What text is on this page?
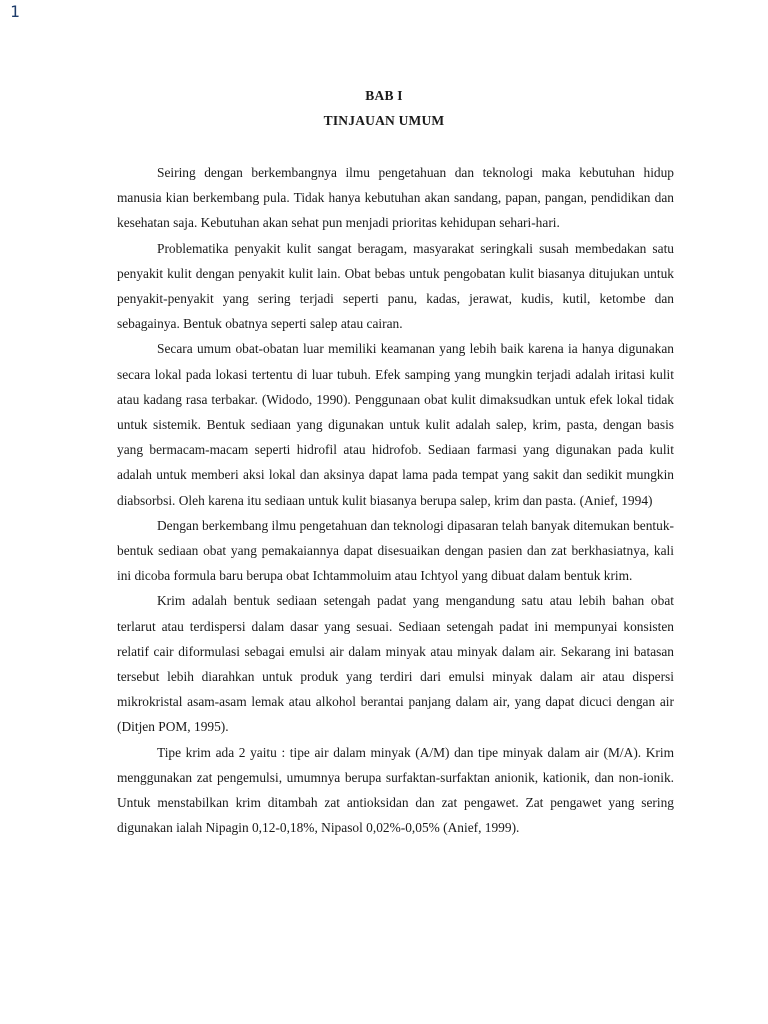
1
BAB I
TINJAUAN UMUM

Seiring dengan berkembangnya ilmu pengetahuan dan teknologi maka kebutuhan hidup manusia kian berkembang pula. Tidak hanya kebutuhan akan sandang, papan, pangan, pendidikan dan kesehatan saja. Kebutuhan akan sehat pun menjadi prioritas kehidupan sehari-hari.

Problematika penyakit kulit sangat beragam, masyarakat seringkali susah membedakan satu penyakit kulit dengan penyakit kulit lain. Obat bebas untuk pengobatan kulit biasanya ditujukan untuk penyakit-penyakit yang sering terjadi seperti panu, kadas, jerawat, kudis, kutil, ketombe dan sebagainya. Bentuk obatnya seperti salep atau cairan.

Secara umum obat-obatan luar memiliki keamanan yang lebih baik karena ia hanya digunakan secara lokal pada lokasi tertentu di luar tubuh. Efek samping yang mungkin terjadi adalah iritasi kulit atau kadang rasa terbakar. (Widodo, 1990). Penggunaan obat kulit dimaksudkan untuk efek lokal tidak untuk sistemik. Bentuk sediaan yang digunakan untuk kulit adalah salep, krim, pasta, dengan basis yang bermacam-macam seperti hidrofil atau hidrofob. Sediaan farmasi yang digunakan pada kulit adalah untuk memberi aksi lokal dan aksinya dapat lama pada tempat yang sakit dan sedikit mungkin diabsorbsi. Oleh karena itu sediaan untuk kulit biasanya berupa salep, krim dan pasta. (Anief, 1994)

Dengan berkembang ilmu pengetahuan dan teknologi dipasaran telah banyak ditemukan bentuk-bentuk sediaan obat yang pemakaiannya dapat disesuaikan dengan pasien dan zat berkhasiatnya, kali ini dicoba formula baru berupa obat Ichtammoluim atau Ichtyol yang dibuat dalam bentuk krim.

Krim adalah bentuk sediaan setengah padat yang mengandung satu atau lebih bahan obat terlarut atau terdispersi dalam dasar yang sesuai. Sediaan setengah padat ini mempunyai konsisten relatif cair diformulasi sebagai emulsi air dalam minyak atau minyak dalam air. Sekarang ini batasan tersebut lebih diarahkan untuk produk yang terdiri dari emulsi minyak dalam air atau dispersi mikrokristal asam-asam lemak atau alkohol berantai panjang dalam air, yang dapat dicuci dengan air (Ditjen POM, 1995).

Tipe krim ada 2 yaitu : tipe air dalam minyak (A/M) dan tipe minyak dalam air (M/A). Krim menggunakan zat pengemulsi, umumnya berupa surfaktan-surfaktan anionik, kationik, dan non-ionik. Untuk menstabilkan krim ditambah zat antioksidan dan zat pengawet. Zat pengawet yang sering digunakan ialah Nipagin 0,12-0,18%, Nipasol 0,02%-0,05% (Anief, 1999).
